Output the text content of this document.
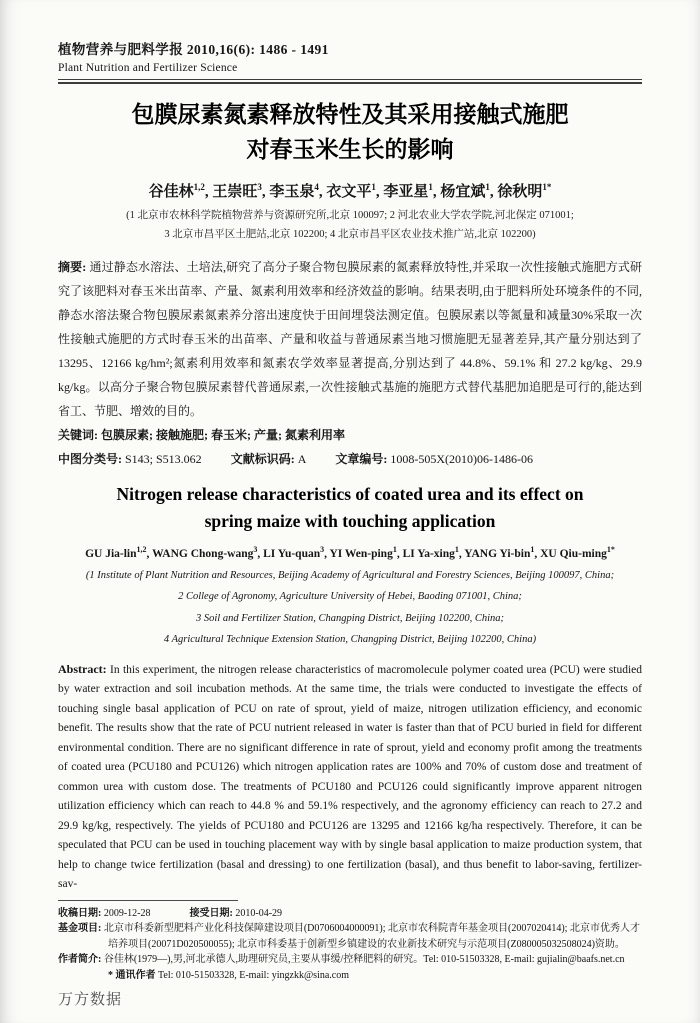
植物营养与肥料学报 2010,16(6): 1486 - 1491
Plant Nutrition and Fertilizer Science
包膜尿素氮素释放特性及其采用接触式施肥
对春玉米生长的影响
谷佳林$^{1,2}$ , 王崇旺$^3$ , 李玉泉$^4$ , 衣文平$^1$ , 李亚星$^1$ , 杨宜斌$^1$ , 徐秋明$^{1*}$
(1 北京市农林科学院植物营养与资源研究所,北京 100097; 2 河北农业大学农学院,河北保定 071001;
3 北京市昌平区土肥站,北京 102200; 4 北京市昌平区农业技术推广站,北京 102200)
摘要: 通过静态水溶法、土培法,研究了高分子聚合物包膜尿素的氮素释放特性,并采取一次性接触式施肥方式研究了该肥料对春玉米出苗率、产量、氮素利用效率和经济效益的影响。结果表明,由于肥料所处环境条件的不同,静态水溶法聚合物包膜尿素氮素养分溶出速度快于田间埋袋法测定值。包膜尿素以等氮量和减量30%采取一次性接触式施肥的方式时春玉米的出苗率、产量和收益与普通尿素当地习惯施肥无显著差异,其产量分别达到了13295、12166 kg/hm²;氮素利用效率和氮素农学效率显著提高,分别达到了 44.8%、59.1% 和 27.2 kg/kg、29.9 kg/kg。以高分子聚合物包膜尿素替代普通尿素,一次性接触式基施的施肥方式替代基肥加追肥是可行的,能达到省工、节肥、增效的目的。
关键词: 包膜尿素; 接触施肥; 春玉米; 产量; 氮素利用率
中图分类号: S143; S513.062 文献标识码: A 文章编号: 1008-505X(2010)06-1486-06
Nitrogen release characteristics of coated urea and its effect on
spring maize with touching application
GU Jia-lin$^{1,2}$ , WANG Chong-wang$^3$ , LI Yu-quan$^3$ , YI Wen-ping$^1$ , LI Ya-xing$^1$ , YANG Yi-bin$^1$ , XU Qiu-ming$^{1*}$
(1 Institute of Plant Nutrition and Resources, Beijing Academy of Agricultural and Forestry Sciences, Beijing 100097, China;
2 College of Agronomy, Agriculture University of Hebei, Baoding 071001, China;
3 Soil and Fertilizer Station, Changping District, Beijing 102200, China;
4 Agricultural Technique Extension Station, Changping District, Beijing 102200, China)
Abstract: In this experiment, the nitrogen release characteristics of macromolecule polymer coated urea (PCU) were studied by water extraction and soil incubation methods. At the same time, the trials were conducted to investigate the effects of touching single basal application of PCU on rate of sprout, yield of maize, nitrogen utilization efficiency, and economic benefit. The results show that the rate of PCU nutrient released in water is faster than that of PCU buried in field for different environmental condition. There are no significant difference in rate of sprout, yield and economy profit among the treatments of coated urea (PCU180 and PCU126) which nitrogen application rates are 100% and 70% of custom dose and treatment of common urea with custom dose. The treatments of PCU180 and PCU126 could significantly improve apparent nitrogen utilization efficiency which can reach to 44.8 % and 59.1% respectively, and the agronomy efficiency can reach to 27.2 and 29.9 kg/kg, respectively. The yields of PCU180 and PCU126 are 13295 and 12166 kg/ha respectively. Therefore, it can be speculated that PCU can be used in touching placement way with by single basal application to maize production system, that help to change twice fertilization (basal and dressing) to one fertilization (basal), and thus benefit to labor-saving, fertilizer-sav-
收稿日期: 2009-12-28	接受日期: 2010-04-29
基金项目: 北京市科委新型肥料产业化科技保障建设项目(D0706004000091); 北京市农科院青年基金项目(2007020414); 北京市优秀人才培养项目(20071D020500055); 北京市科委基于创新型乡镇建设的农业新技术研究与示范项目(Z080005032508024)资助。
作者简介: 谷佳林(1979—),男,河北承德人,助理研究员,主要从事缓/控释肥料的研究。Tel: 010-51503328, E-mail: gujialin@baafs.net.cn
* 通讯作者 Tel: 010-51503328, E-mail: yingzkk@sina.com
万方数据
